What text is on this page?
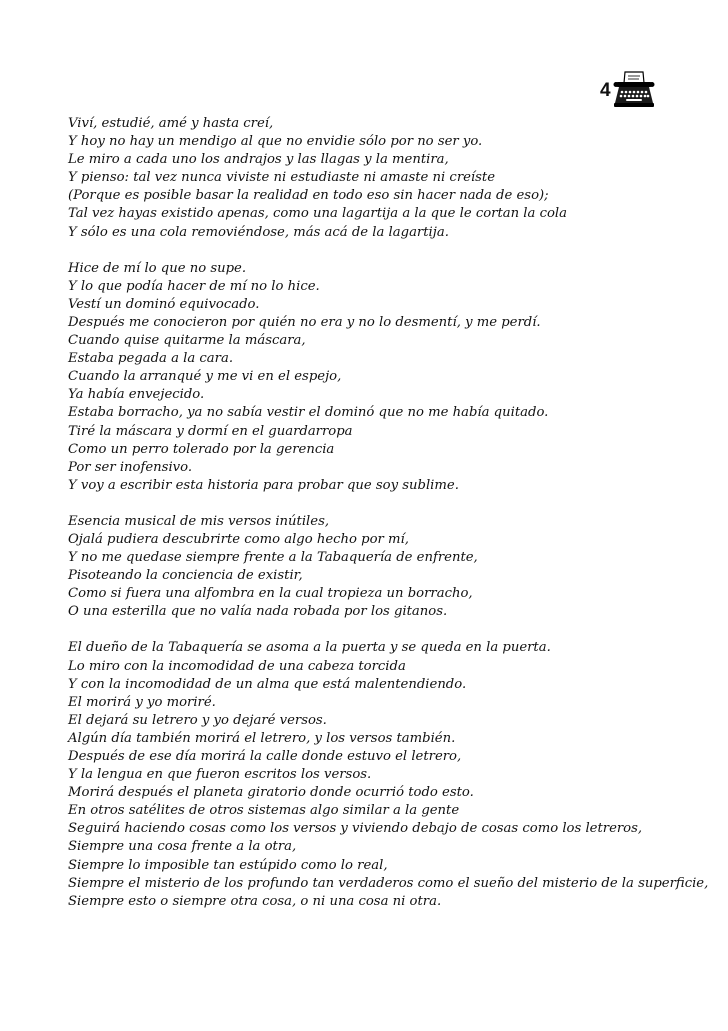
4
Viví, estudié, amé y hasta creí,
Y hoy no hay un mendigo al que no envidie sólo por no ser yo.
Le miro a cada uno los andrajos y las llagas y la mentira,
Y pienso: tal vez nunca viviste ni estudiaste ni amaste ni creíste
(Porque es posible basar la realidad en todo eso sin hacer nada de eso);
Tal vez hayas existido apenas, como una lagartija a la que le cortan la cola
Y sólo es una cola removiéndose, más acá de la lagartija.
Hice de mí lo que no supe.
Y lo que podía hacer de mí no lo hice.
Vestí un dominó equivocado.
Después me conocieron por quién no era y no lo desmentí, y me perdí.
Cuando quise quitarme la máscara,
Estaba pegada a la cara.
Cuando la arranqué y me vi en el espejo,
Ya había envejecido.
Estaba borracho, ya no sabía vestir el dominó que no me había quitado.
Tiré la máscara y dormí en el guardarropa
Como un perro tolerado por la gerencia
Por ser inofensivo.
Y voy a escribir esta historia para probar que soy sublime.
Esencia musical de mis versos inútiles,
Ojalá pudiera descubrirte como algo hecho por mí,
Y no me quedase siempre frente a la Tabaquería de enfrente,
Pisoteando la conciencia de existir,
Como si fuera una alfombra en la cual tropieza un borracho,
O una esterilla que no valía nada robada por los gitanos.
El dueño de la Tabaquería se asoma a la puerta y se queda en la puerta.
Lo miro con la incomodidad de una cabeza torcida
Y con la incomodidad de un alma que está malentendiendo.
El morirá y yo moriré.
El dejará su letrero y yo dejaré versos.
Algún día también morirá el letrero, y los versos también.
Después de ese día morirá la calle donde estuvo el letrero,
Y la lengua en que fueron escritos los versos.
Morirá después el planeta giratorio donde ocurrió todo esto.
En otros satélites de otros sistemas algo similar a la gente
Seguirá haciendo cosas como los versos y viviendo debajo de cosas como los letreros,
Siempre una cosa frente a la otra,
Siempre lo imposible tan estúpido como lo real,
Siempre el misterio de los profundo tan verdaderos como el sueño del misterio de la superficie,
Siempre esto o siempre otra cosa, o ni una cosa ni otra.
